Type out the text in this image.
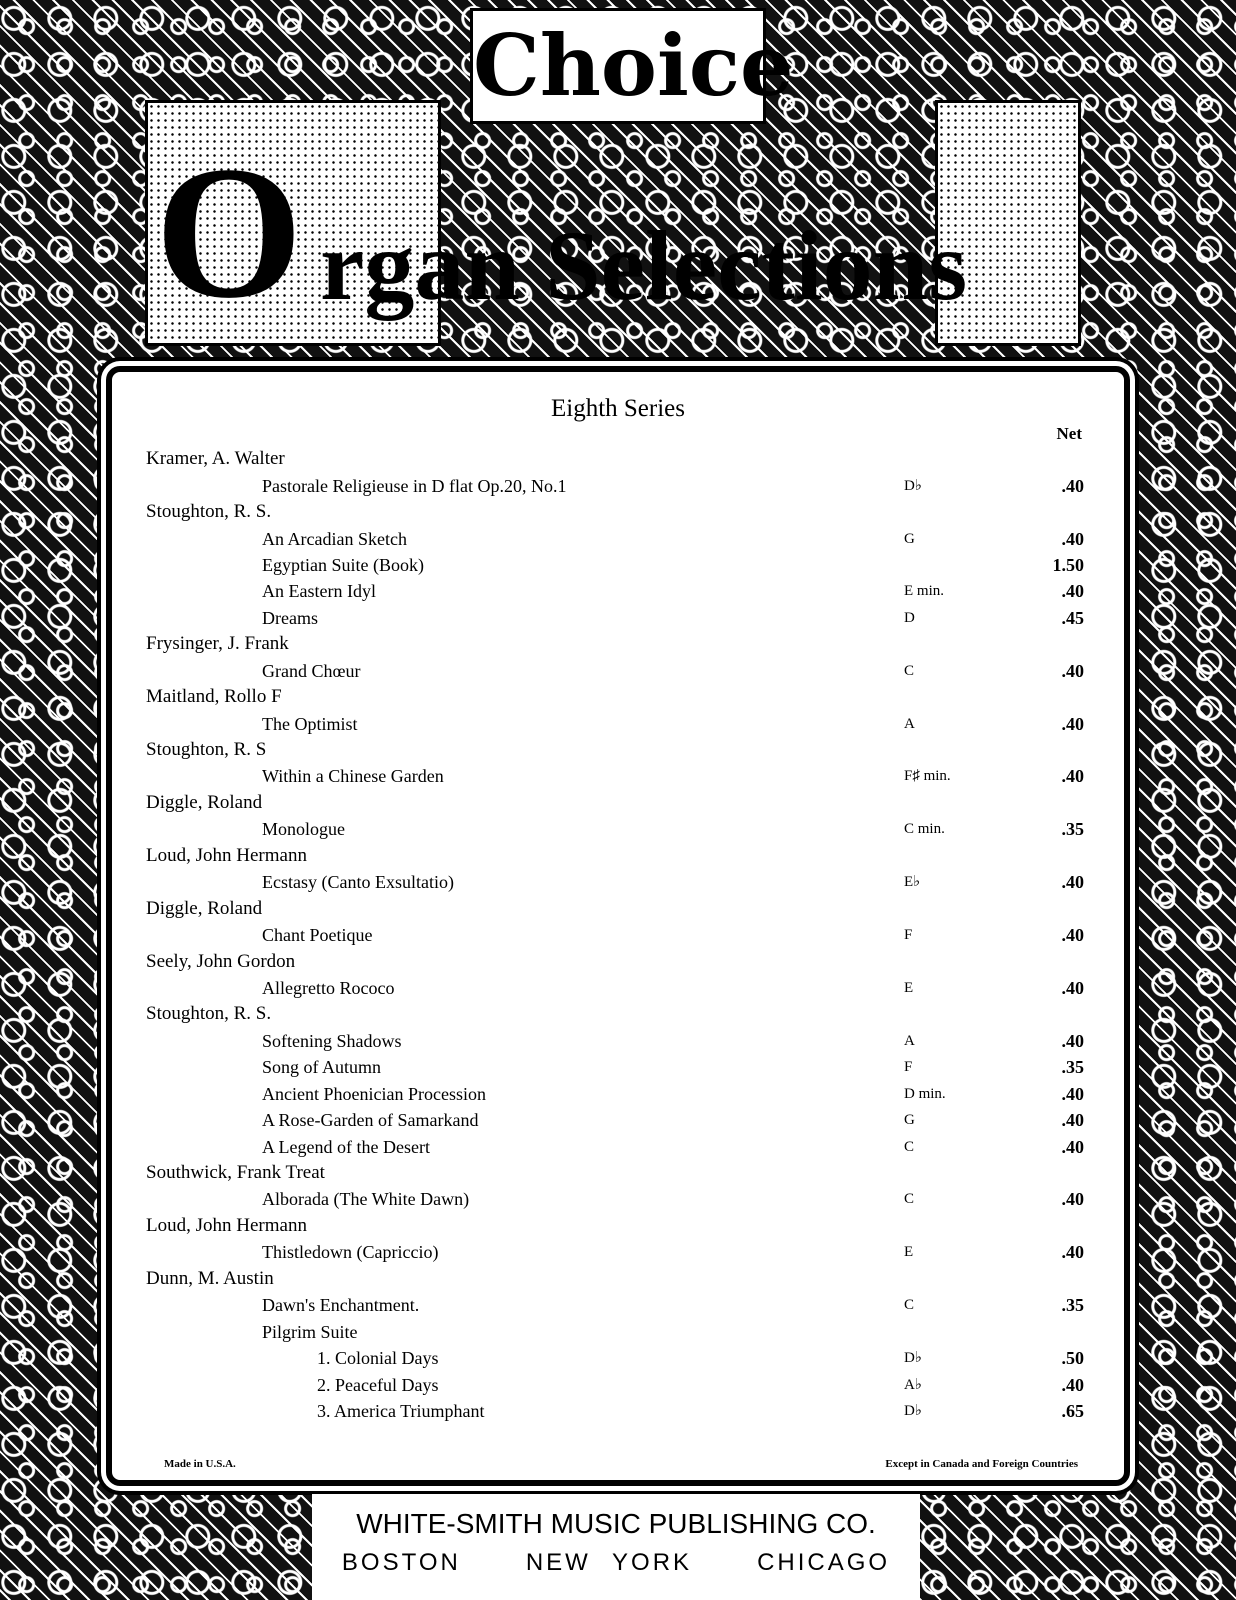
Choice
O rgan Selections
Eighth Series
Net
Kramer, A. Walter
Pastorale Religieuse in D flat Op.20, No.1	D♭	.40
Stoughton, R. S.
An Arcadian Sketch	G	.40
Egyptian Suite (Book)	1.50
An Eastern Idyl	E min.	.40
Dreams	D	.45
Frysinger, J. Frank
Grand Chœur	C	.40
Maitland, Rollo F
The Optimist	A	.40
Stoughton, R. S
Within a Chinese Garden	F♯ min.	.40
Diggle, Roland
Monologue	C min.	.35
Loud, John Hermann
Ecstasy (Canto Exsultatio)	E♭	.40
Diggle, Roland
Chant Poetique	F	.40
Seely, John Gordon
Allegretto Rococo	E	.40
Stoughton, R. S.
Softening Shadows	A	.40
Song of Autumn	F	.35
Ancient Phoenician Procession	D min.	.40
A Rose-Garden of Samarkand	G	.40
A Legend of the Desert	C	.40
Southwick, Frank Treat
Alborada (The White Dawn)	C	.40
Loud, John Hermann
Thistledown (Capriccio)	E	.40
Dunn, M. Austin
Dawn's Enchantment.	C	.35
Pilgrim Suite
1. Colonial Days	D♭	.50
2. Peaceful Days	A♭	.40
3. America Triumphant	D♭	.65
Made in U.S.A.	Except in Canada and Foreign Countries
WHITE-SMITH MUSIC PUBLISHING CO.
BOSTON   NEW YORK   CHICAGO
